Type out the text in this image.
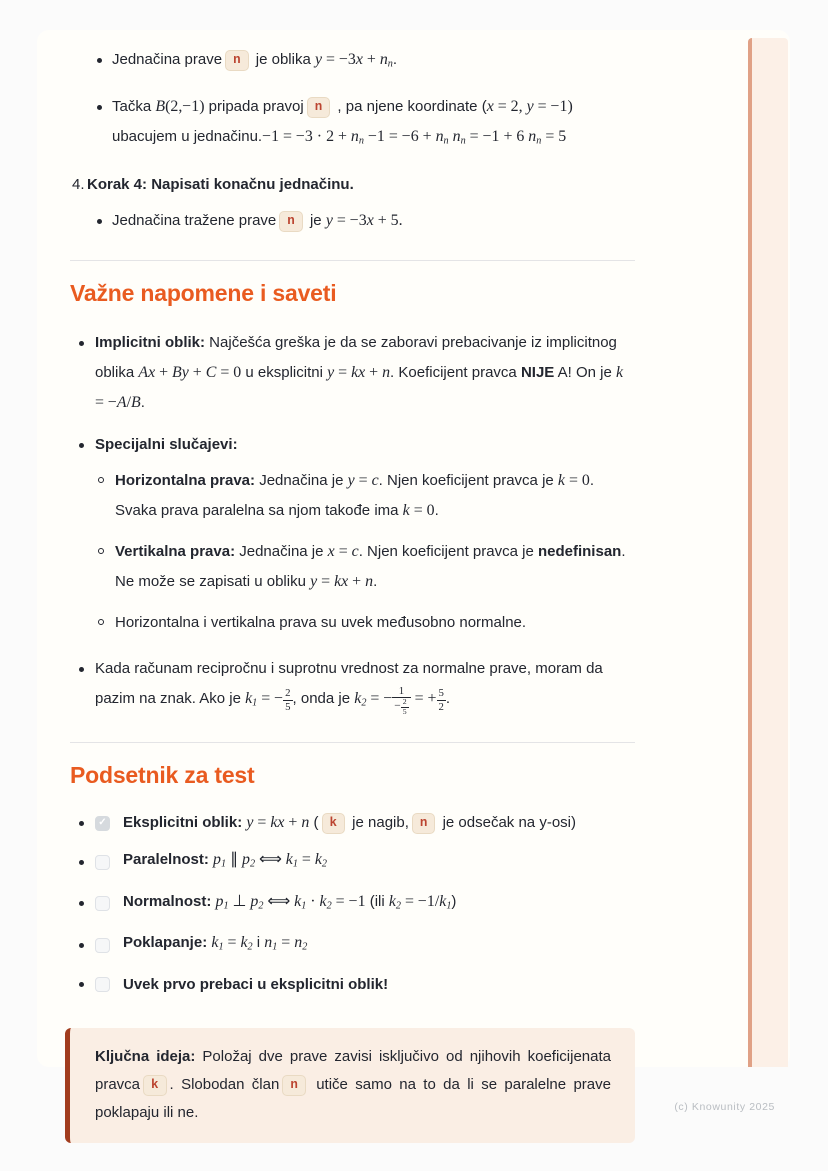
Jednačina prave n je oblika $y = -3x + n_n$.
Tačka B(2,−1) pripada pravoj n , pa njene koordinate (x = 2, y = −1) ubacujem u jednačinu.−1 = $-3 \cdot 2 + n_n -1 = -6 + n_n$ $n_n = -1 + 6$ $n_n = 5$
4. Korak 4: Napisati konačnu jednačinu.
Jednačina tražene prave n je y = −3x + 5.
Važne napomene i saveti
Implicitni oblik: Najčešća greška je da se zaboravi prebacivanje iz implicitnog oblika Ax + By + C = 0 u eksplicitni y = kx + n. Koeficijent pravca NIJE A! On je k = −A/B.
Specijalni slučajevi:
Horizontalna prava: Jednačina je y = c. Njen koeficijent pravca je k = 0. Svaka prava paralelna sa njom takođe ima k = 0.
Vertikalna prava: Jednačina je x = c. Njen koeficijent pravca je nedefinisan. Ne može se zapisati u obliku y = kx + n.
Horizontalna i vertikalna prava su uvek međusobno normalne.
Kada računam recipročnu i suprotnu vrednost za normalne prave, moram da pazim na znak. Ako je $k_1$ = − $\frac{2}{5}$ , onda je $k_2$ = − $\frac{1}{- \frac{2}{5}}$ = + $\frac{5}{2}$ .
Podsetnik za test
✓
Eksplicitni oblik: y = kx + n ( k je nagib, n je odsečak na y-osi)
Paralelnost: $p_1$ ∥ $p_2$ ⟺ $k_1 = k_2$
Normalnost: $p_1$ ⊥ $p_2$ ⟺ $k_1 \cdot k_2 = -1$ (ili $k_2 = -1/k_1$)
Poklapanje: $k_1 = k_2$ i $n_1 = n_2$
Uvek prvo prebaci u eksplicitni oblik!
Ključna ideja: Položaj dve prave zavisi isključivo od njihovih koeficijenata pravca k . Slobodan član n utiče samo na to da li se paralelne prave poklapaju ili ne.	(c) Knowunity 2025
